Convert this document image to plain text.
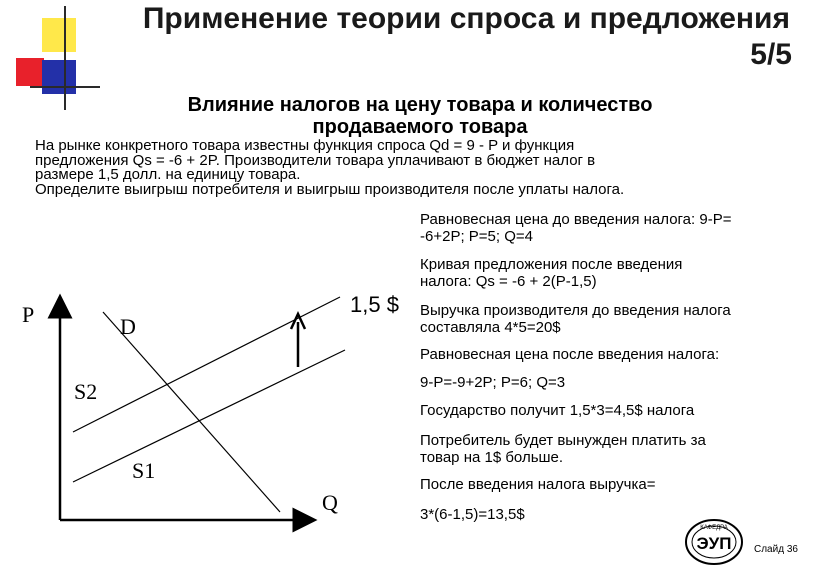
Применение теории спроса и предложения
5/5
Влияние налогов на цену товара и количество
продаваемого товара
На рынке конкретного товара известны функция спроса Qd = 9 - P и функция
предложения Qs = -6 + 2P. Производители товара уплачивают в бюджет налог в
размере 1,5 долл. на единицу товара.
Определите выигрыш потребителя и выигрыш производителя после уплаты налога.
P
Q
D
S2
S1
1,5 $
Равновесная цена до введения налога: 9-P=
-6+2P; P=5; Q=4
Кривая предложения после введения
налога: Qs = -6 + 2(P-1,5)
Выручка производителя до введения налога
составляла 4*5=20$
Равновесная цена после введения налога:
9-P=-9+2P; P=6; Q=3
Государство получит 1,5*3=4,5$ налога
Потребитель будет вынужден платить за
товар на 1$ больше.
После введения налога выручка=
3*(6-1,5)=13,5$
ЭУП
КАФЕДРА
Слайд 36
